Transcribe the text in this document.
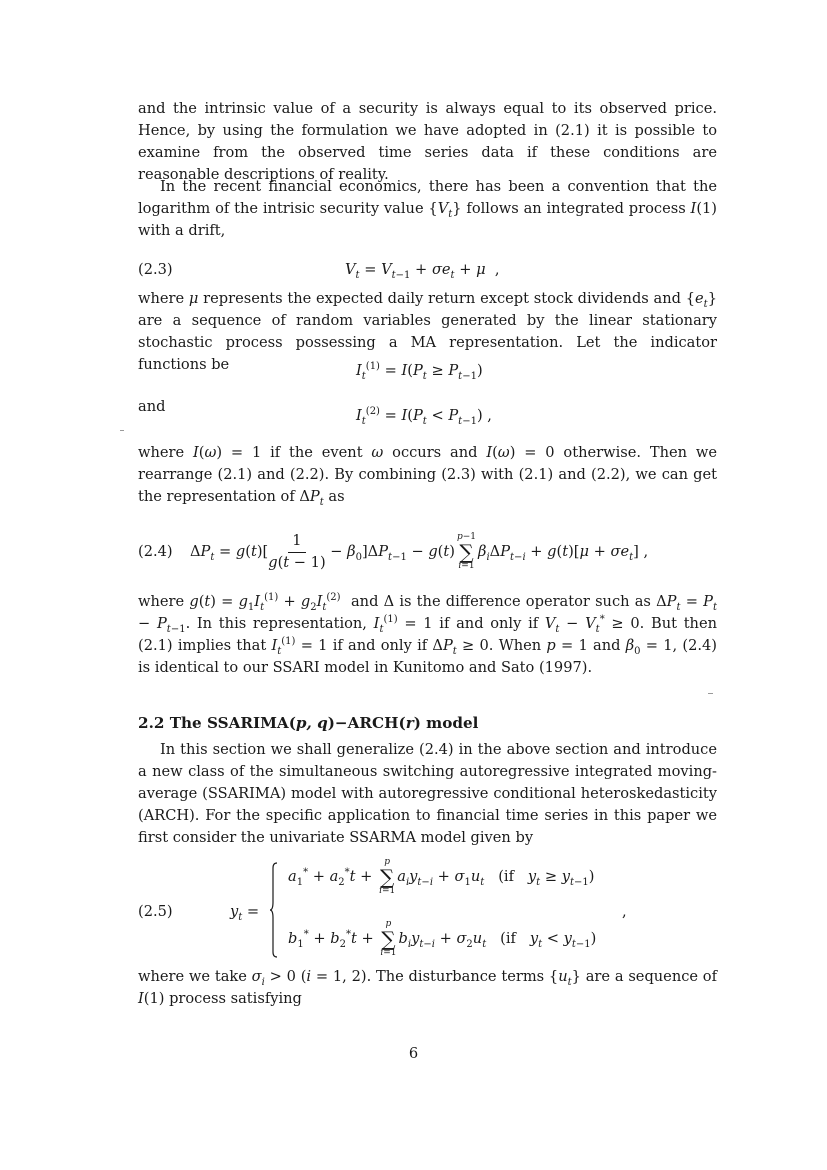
and the intrinsic value of a security is always equal to its observed price. Hence, by using the formulation we have adopted in (2.1) it is possible to examine from the observed time series data if these conditions are reasonable descriptions of reality.

In the recent financial economics, there has been a convention that the logarithm of the intrisic security value $\{V_t\}$ follows an integrated process I(1) with a drift,

(2.3)	$V_t = V_{t-1} + \sigma e_t + \mu$  ,

where μ represents the expected daily return except stock dividends and $\{e_t\}$ are a sequence of random variables generated by the linear stationary stochastic process possessing a MA representation. Let the indicator functions be	$I_t^{(1)} = I(P_t \ge P_{t-1})$

and

$I_t^{(2)} = I(P_t < P_{t-1})$ ,

where I(ω) = 1 if the event ω occurs and I(ω) = 0 otherwise. Then we rearrange (2.1) and (2.2). By combining (2.3) with (2.1) and (2.2), we can get the representation of $\Delta P_t$ as

(2.4) $\Delta P_t = g(t)[ \frac{1}{g(t - 1)} - \beta_0]\Delta P_{t-1} - g(t)$
p−1
∑
i=1
$\beta_i\Delta P_{t-i} + g(t)[\mu + \sigma e_t]$ ,

where $g(t) = g_1I_t^{(1)} + g_2I_t^{(2)}$  and Δ is the difference operator such as $\Delta P_t = P_t - P_{t-1}$. In this representation, $I_t^{(1)} = 1$ if and only if $V_t - V_t^* \ge 0$. But then (2.1) implies that $I_t^{(1)} = 1$ if and only if $\Delta P_t \ge 0$. When p = 1 and $\beta_0 = 1$, (2.4) is identical to our SSARI model in Kunitomo and Sato (1997).

2.2 The SSARIMA(p, q)−ARCH(r) model

In this section we shall generalize (2.4) in the above section and introduce a new class of the simultaneous switching autoregressive integrated moving-average (SSARIMA) model with autoregressive conditional heteroskedasticity (ARCH). For the specific application to financial time series in this paper we first consider the univariate SSARMA model given by

(2.5)	$y_t$ =

$a_1^* + a_2^*t$ +
p
∑
i=1
$a_iy_{t-i} + \sigma_1u_t$   (if   $y_t \ge y_{t-1}$)

$b_1^* + b_2^*t$ +
p
∑
i=1
$b_iy_{t-i} + \sigma_2u_t$   (if   $y_t < y_{t-1}$)

,

where we take $\sigma_i > 0$ (i = 1, 2). The disturbance terms $\{u_t\}$ are a sequence of I(1) process satisfying

6
